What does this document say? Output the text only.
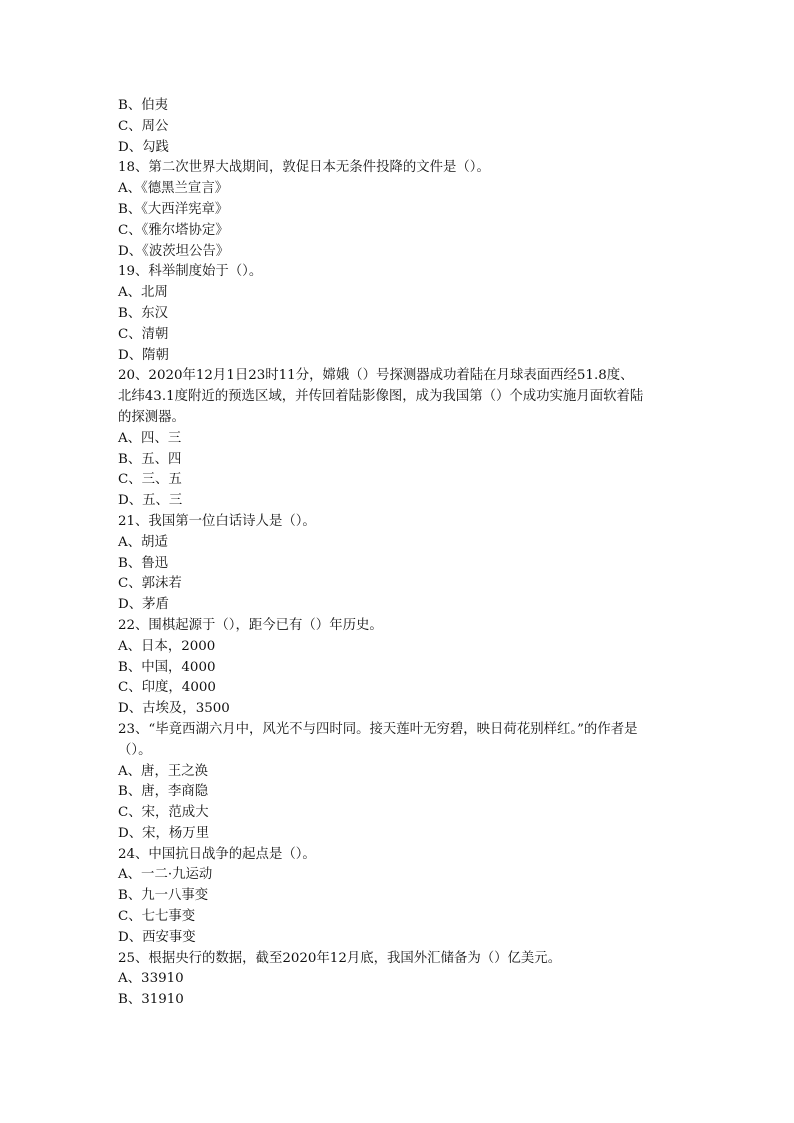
B、伯夷
C、周公
D、勾践
18、第二次世界大战期间，敦促日本无条件投降的文件是（）。
A、《德黑兰宣言》
B、《大西洋宪章》
C、《雅尔塔协定》
D、《波茨坦公告》
19、科举制度始于（）。
A、北周
B、东汉
C、清朝
D、隋朝
20、2020年12月1日23时11分，嫦娥（）号探测器成功着陆在月球表面西经51.8度、
北纬43.1度附近的预选区域，并传回着陆影像图，成为我国第（）个成功实施月面软着陆
的探测器。
A、四、三
B、五、四
C、三、五
D、五、三
21、我国第一位白话诗人是（）。
A、胡适
B、鲁迅
C、郭沫若
D、茅盾
22、围棋起源于（），距今已有（）年历史。
A、日本，2000
B、中国，4000
C、印度，4000
D、古埃及，3500
23、“毕竟西湖六月中，风光不与四时同。接天莲叶无穷碧，映日荷花别样红。”的作者是
（）。
A、唐，王之涣
B、唐，李商隐
C、宋，范成大
D、宋，杨万里
24、中国抗日战争的起点是（）。
A、一二·九运动
B、九一八事变
C、七七事变
D、西安事变
25、根据央行的数据，截至2020年12月底，我国外汇储备为（）亿美元。
A、33910
B、31910
